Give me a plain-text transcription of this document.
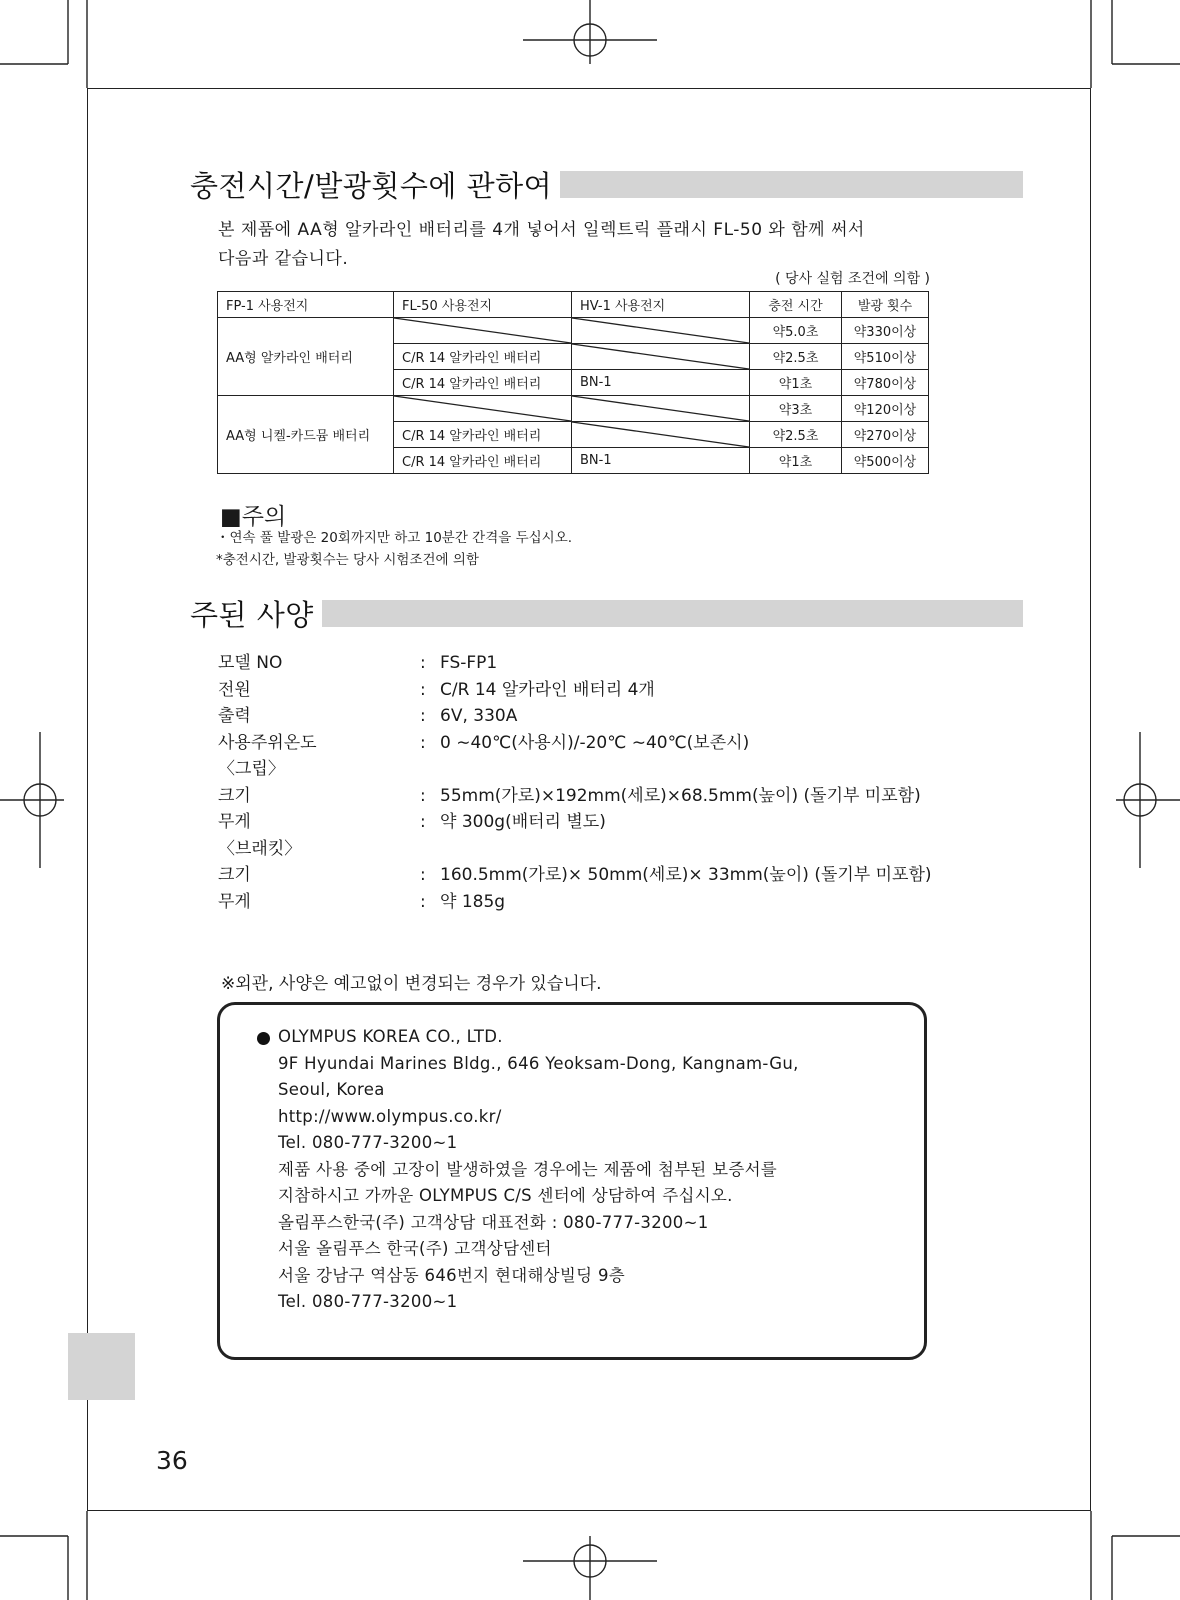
충전시간/발광횟수에 관하여
본 제품에 AA형 알카라인 배터리를 4개 넣어서 일렉트릭 플래시 FL-50 와 함께 써서
다음과 같습니다.
( 당사 실험 조건에 의함 )
FP-1 사용전지	FL-50 사용전지	HV-1 사용전지	충전 시간	발광 횟수
AA형 알카라인 배터리			약5.0초	약330이상
	C/R 14 알카라인 배터리		약2.5초	약510이상
	C/R 14 알카라인 배터리	BN-1	약1초	약780이상
AA형 니켈-카드뮴 배터리			약3초	약120이상
	C/R 14 알카라인 배터리		약2.5초	약270이상
	C/R 14 알카라인 배터리	BN-1	약1초	약500이상
■주의
・연속 풀 발광은 20회까지만 하고 10분간 간격을 두십시오.
*충전시간, 발광횟수는 당사 시험조건에 의함
주된 사양
모델 NO	: FS-FP1
전원	: C/R 14 알카라인 배터리 4개
출력	: 6V, 330A
사용주위온도	: 0 ∼40℃(사용시)/-20℃ ∼40℃(보존시)
〈그립〉
크기	: 55mm(가로)×192mm(세로)×68.5mm(높이) (돌기부 미포함)
무게	: 약 300g(배터리 별도)
〈브래킷〉
크기	: 160.5mm(가로)× 50mm(세로)× 33mm(높이) (돌기부 미포함)
무게	: 약 185g
※외관, 사양은 예고없이 변경되는 경우가 있습니다.
OLYMPUS KOREA CO., LTD.
9F Hyundai Marines Bldg., 646 Yeoksam-Dong, Kangnam-Gu,
Seoul, Korea
http://www.olympus.co.kr/
Tel. 080-777-3200∼1
제품 사용 중에 고장이 발생하였을 경우에는 제품에 첨부된 보증서를
지참하시고 가까운 OLYMPUS C/S 센터에 상담하여 주십시오.
올림푸스한국(주) 고객상담 대표전화 : 080-777-3200∼1
서울 올림푸스 한국(주) 고객상담센터
서울 강남구 역삼동 646번지 현대해상빌딩 9층
Tel. 080-777-3200∼1
36
